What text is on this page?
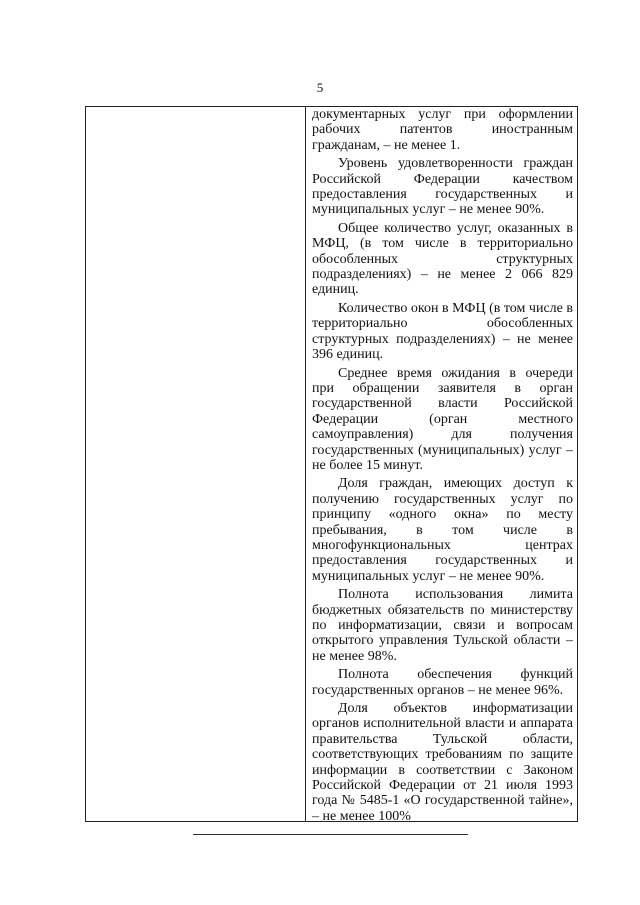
5

документарных услуг при оформлении рабочих патентов иностранным гражданам, – не менее 1.

Уровень удовлетворенности граждан Российской Федерации качеством предоставления государственных и муниципальных услуг – не менее 90%.

Общее количество услуг, оказанных в МФЦ, (в том числе в территориально обособленных структурных подразделениях) – не менее 2 066 829 единиц.

Количество окон в МФЦ (в том числе в территориально обособленных структурных подразделениях) – не менее 396 единиц.

Среднее время ожидания в очереди при обращении заявителя в орган государственной власти Российской Федерации (орган местного самоуправления) для получения государственных (муниципальных) услуг – не более 15 минут.

Доля граждан, имеющих доступ к получению государственных услуг по принципу «одного окна» по месту пребывания, в том числе в многофункциональных центрах предоставления государственных и муниципальных услуг – не менее 90%.

Полнота использования лимита бюджетных обязательств по министерству по информатизации, связи и вопросам открытого управления Тульской области – не менее 98%.

Полнота обеспечения функций государственных органов – не менее 96%.

Доля объектов информатизации органов исполнительной власти и аппарата правительства Тульской области, соответствующих требованиям по защите информации в соответствии с Законом Российской Федерации от 21 июля 1993 года № 5485-1 «О государственной тайне», – не менее 100%
